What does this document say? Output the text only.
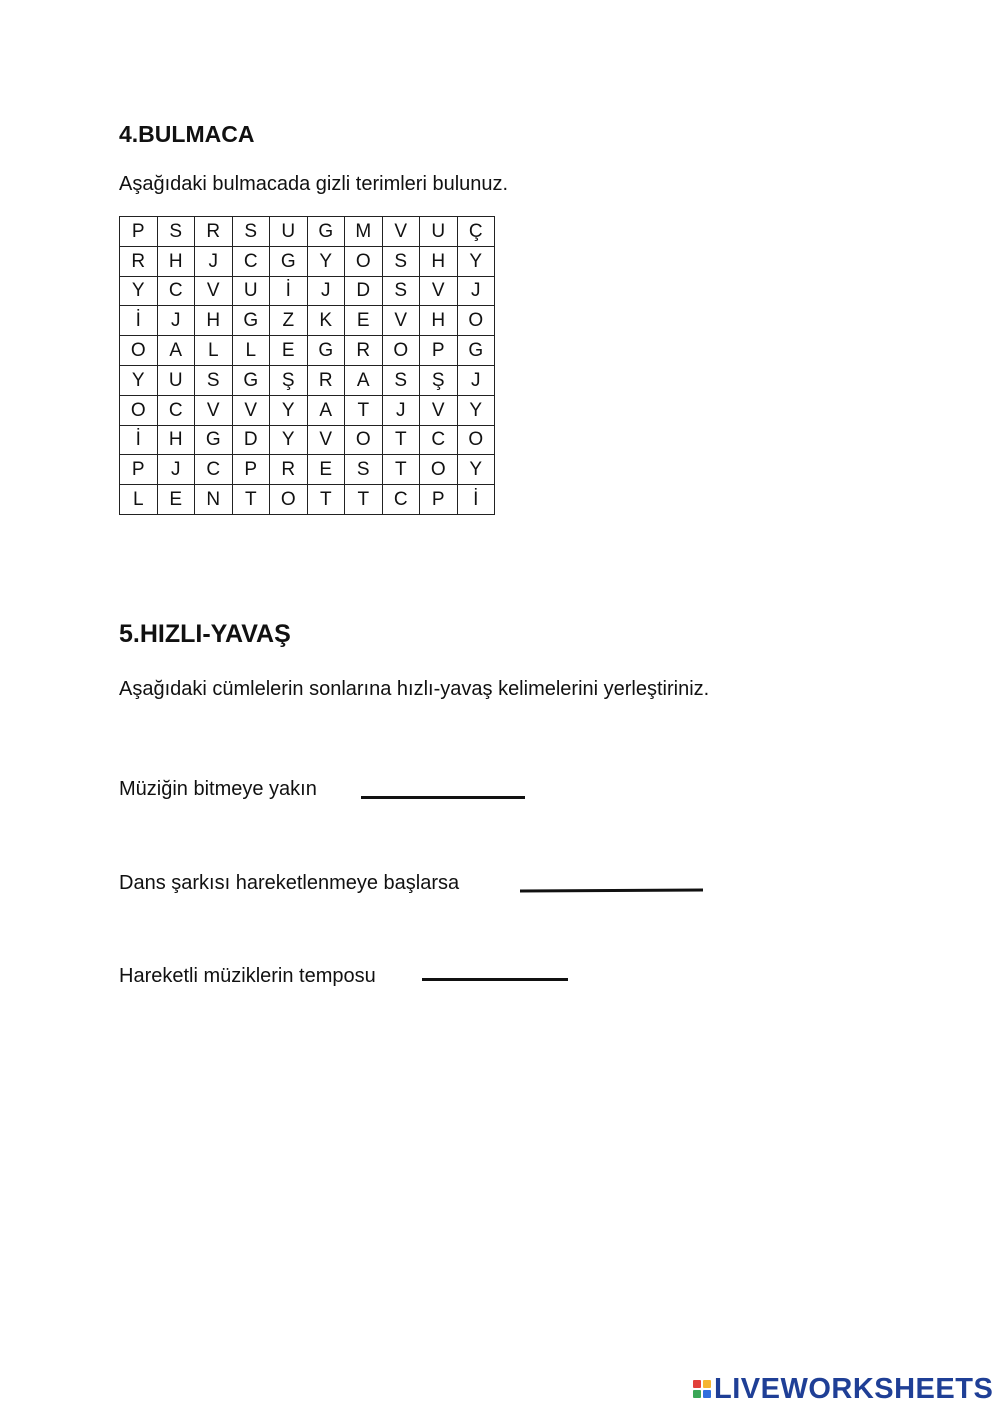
4.BULMACA

Aşağıdaki bulmacada gizli terimleri bulunuz.

P	S	R	S	U	G	M	V	U	Ç
R	H	J	C	G	Y	O	S	H	Y
Y	C	V	U	İ	J	D	S	V	J
İ	J	H	G	Z	K	E	V	H	O
O	A	L	L	E	G	R	O	P	G
Y	U	S	G	Ş	R	A	S	Ş	J
O	C	V	V	Y	A	T	J	V	Y
İ	H	G	D	Y	V	O	T	C	O
P	J	C	P	R	E	S	T	O	Y
L	E	N	T	O	T	T	C	P	İ
5.HIZLI-YAVAŞ

Aşağıdaki cümlelerin sonlarına hızlı-yavaş kelimelerini yerleştiriniz.

Müziğin bitmeye yakın

Dans şarkısı hareketlenmeye başlarsa

Hareketli müziklerin temposu

LIVEWORKSHEETS
